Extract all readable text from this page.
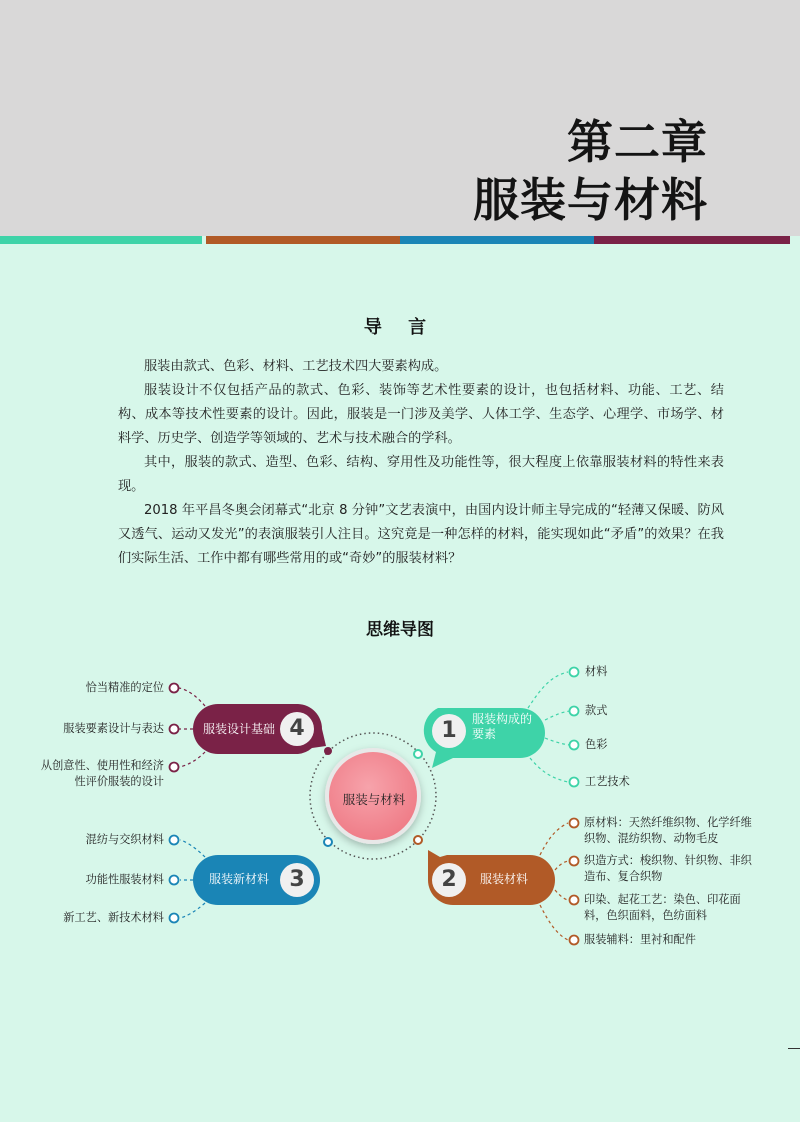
第二章
服装与材料
导 言

服装由款式、色彩、材料、工艺技术四大要素构成。

服装设计不仅包括产品的款式、色彩、装饰等艺术性要素的设计，也包括材料、功能、工艺、结构、成本等技术性要素的设计。因此，服装是一门涉及美学、人体工学、生态学、心理学、市场学、材料学、历史学、创造学等领域的、艺术与技术融合的学科。

其中，服装的款式、造型、色彩、结构、穿用性及功能性等，很大程度上依靠服装材料的特性来表现。

2018 年平昌冬奥会闭幕式“北京 8 分钟”文艺表演中，由国内设计师主导完成的“轻薄又保暖、防风又透气、运动又发光”的表演服装引人注目。这究竟是一种怎样的材料，能实现如此“矛盾”的效果？在我们实际生活、工作中都有哪些常用的或“奇妙”的服装材料？

思维导图
服装与材料
1	服装构成的要素
材料
款式
色彩
工艺技术
2	服装材料
原材料：天然纤维织物、化学纤维织物、混纺织物、动物毛皮
织造方式：梭织物、针织物、非织造布、复合织物
印染、起花工艺：染色、印花面料，色织面料，色纺面料
服装辅料：里衬和配件
3
服装新材料
混纺与交织材料
功能性服装材料
新工艺、新技术材料
4
服装设计基础
恰当精准的定位
服装要素设计与表达
从创意性、使用性和经济性评价服装的设计
